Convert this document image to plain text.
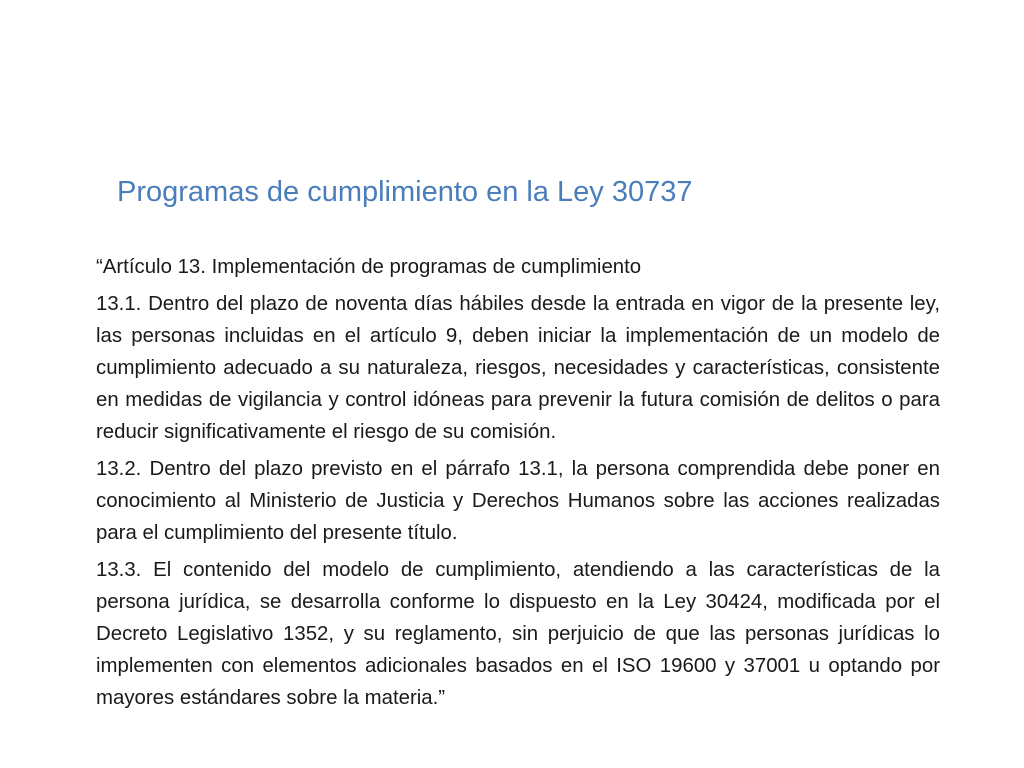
Programas de cumplimiento en la Ley 30737

“Artículo 13. Implementación de programas de cumplimiento

13.1. Dentro del plazo de noventa días hábiles desde la entrada en vigor de la presente ley, las personas incluidas en el artículo 9, deben iniciar la implementación de un modelo de cumplimiento adecuado a su naturaleza, riesgos, necesidades y características, consistente en medidas de vigilancia y control idóneas para prevenir la futura comisión de delitos o para reducir significativamente el riesgo de su comisión.

13.2. Dentro del plazo previsto en el párrafo 13.1, la persona comprendida debe poner en conocimiento al Ministerio de Justicia y Derechos Humanos sobre las acciones realizadas para el cumplimiento del presente título.

13.3. El contenido del modelo de cumplimiento, atendiendo a las características de la persona jurídica, se desarrolla conforme lo dispuesto en la Ley 30424, modificada por el Decreto Legislativo 1352, y su reglamento, sin perjuicio de que las personas jurídicas lo implementen con elementos adicionales basados en el ISO 19600 y 37001 u optando por mayores estándares sobre la materia.”
